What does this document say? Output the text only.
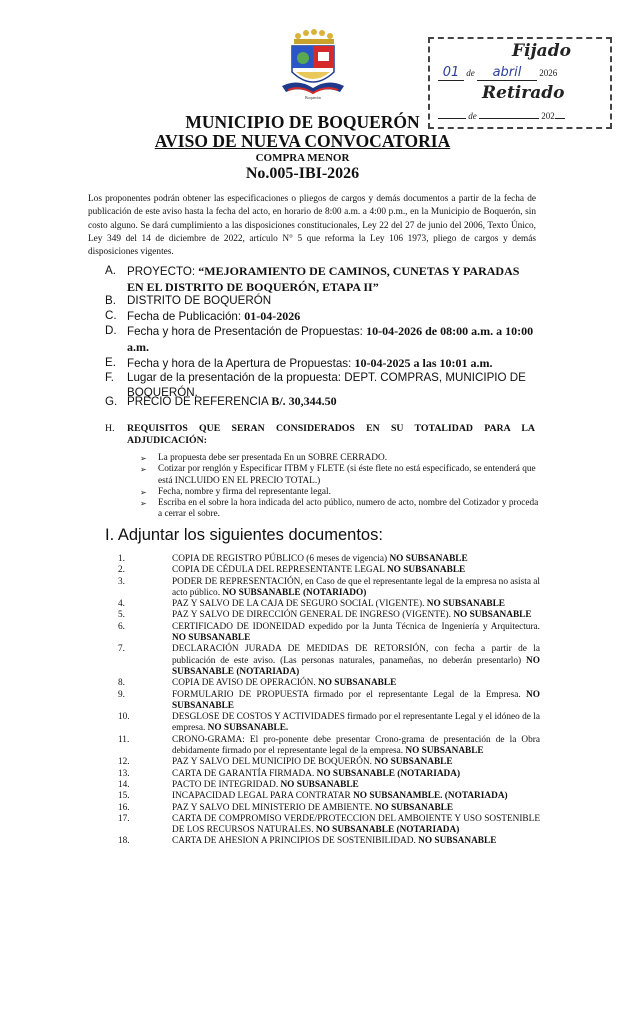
Boquerón
Fijado
01 de abril 2026
Retirado
de	202
MUNICIPIO DE BOQUERÓN
AVISO DE NUEVA CONVOCATORIA
COMPRA MENOR
No.005-IBI-2026
Los proponentes podrán obtener las especificaciones o pliegos de cargos y demás documentos a partir de la fecha de publicación de este aviso hasta la fecha del acto, en horario de 8:00 a.m. a 4:00 p.m., en la Municipio de Boquerón, sin costo alguno. Se dará cumplimiento a las disposiciones constitucionales, Ley 22 del 27 de junio del 2006, Texto Único, Ley 349 del 14 de diciembre de 2022, artículo N° 5 que reforma la Ley 106 1973, pliego de cargos y demás disposiciones vigentes.
A. PROYECTO: “MEJORAMIENTO DE CAMINOS, CUNETAS Y PARADAS
EN EL DISTRITO DE BOQUERÓN, ETAPA II”
B. DISTRITO DE BOQUERÓN
C. Fecha de Publicación: 01-04-2026
D. Fecha y hora de Presentación de Propuestas: 10-04-2026 de 08:00 a.m. a 10:00 a.m.
E. Fecha y hora de la Apertura de Propuestas: 10-04-2025 a las 10:01 a.m.
F.	Lugar de la presentación de la propuesta: DEPT. COMPRAS, MUNICIPIO DE
BOQUERÓN.
G. PRECIO DE REFERENCIA B/. 30,344.50
H. REQUISITOS QUE SERAN CONSIDERADOS EN SU TOTALIDAD PARA LA ADJUDICACIÓN:
➢	La propuesta debe ser presentada En un SOBRE CERRADO.
➢	Cotizar por renglón y Especificar ITBM y FLETE (si éste flete no está especificado, se entenderá que está INCLUIDO EN EL PRECIO TOTAL.)
➢	Fecha, nombre y firma del representante legal.
➢	Escriba en el sobre la hora indicada del acto público, numero de acto, nombre del Cotizador y proceda a cerrar el sobre.
I. Adjuntar los siguientes documentos:
1.	COPIA DE REGISTRO PÚBLICO (6 meses de vigencia) NO SUBSANABLE
2.	COPIA DE CÉDULA DEL REPRESENTANTE LEGAL NO SUBSANABLE
3.	PODER DE REPRESENTACIÓN, en Caso de que el representante legal de la empresa no asista al acto público. NO SUBSANABLE (NOTARIADO)
4.	PAZ Y SALVO DE LA CAJA DE SEGURO SOCIAL (VIGENTE). NO SUBSANABLE
5.	PAZ Y SALVO DE DIRECCIÓN GENERAL DE INGRESO (VIGENTE). NO SUBSANABLE
6.	CERTIFICADO DE IDONEIDAD expedido por la Junta Técnica de Ingeniería y Arquitectura. NO SUBSANABLE
7.	DECLARACIÓN JURADA DE MEDIDAS DE RETORSIÓN, con fecha a partir de la publicación de este aviso. (Las personas naturales, panameñas, no deberán presentarlo) NO SUBSANABLE (NOTARIADA)
8.	COPIA DE AVISO DE OPERACIÓN. NO SUBSANABLE
9.	FORMULARIO DE PROPUESTA firmado por el representante Legal de la Empresa. NO SUBSANABLE
10.	DESGLOSE DE COSTOS Y ACTIVIDADES firmado por el representante Legal y el idóneo de la empresa. NO SUBSANABLE.
11.	CRONO-GRAMA: El pro-ponente debe presentar Crono-grama de presentación de la Obra debidamente firmado por el representante legal de la empresa. NO SUBSANABLE
12.	PAZ Y SALVO DEL MUNICIPIO DE BOQUERÓN. NO SUBSANABLE
13.	CARTA DE GARANTÍA FIRMADA. NO SUBSANABLE (NOTARIADA)
14.	PACTO DE INTEGRIDAD. NO SUBSANABLE
15.	INCAPACIDAD LEGAL PARA CONTRATAR NO SUBSANAMBLE. (NOTARIADA)
16.	PAZ Y SALVO DEL MINISTERIO DE AMBIENTE. NO SUBSANABLE
17.	CARTA DE COMPROMISO VERDE/PROTECCION DEL AMBOIENTE Y USO SOSTENIBLE DE LOS RECURSOS NATURALES. NO SUBSANABLE (NOTARIADA)
18.	CARTA DE AHESION A PRINCIPIOS DE SOSTENIBILIDAD. NO SUBSANABLE
